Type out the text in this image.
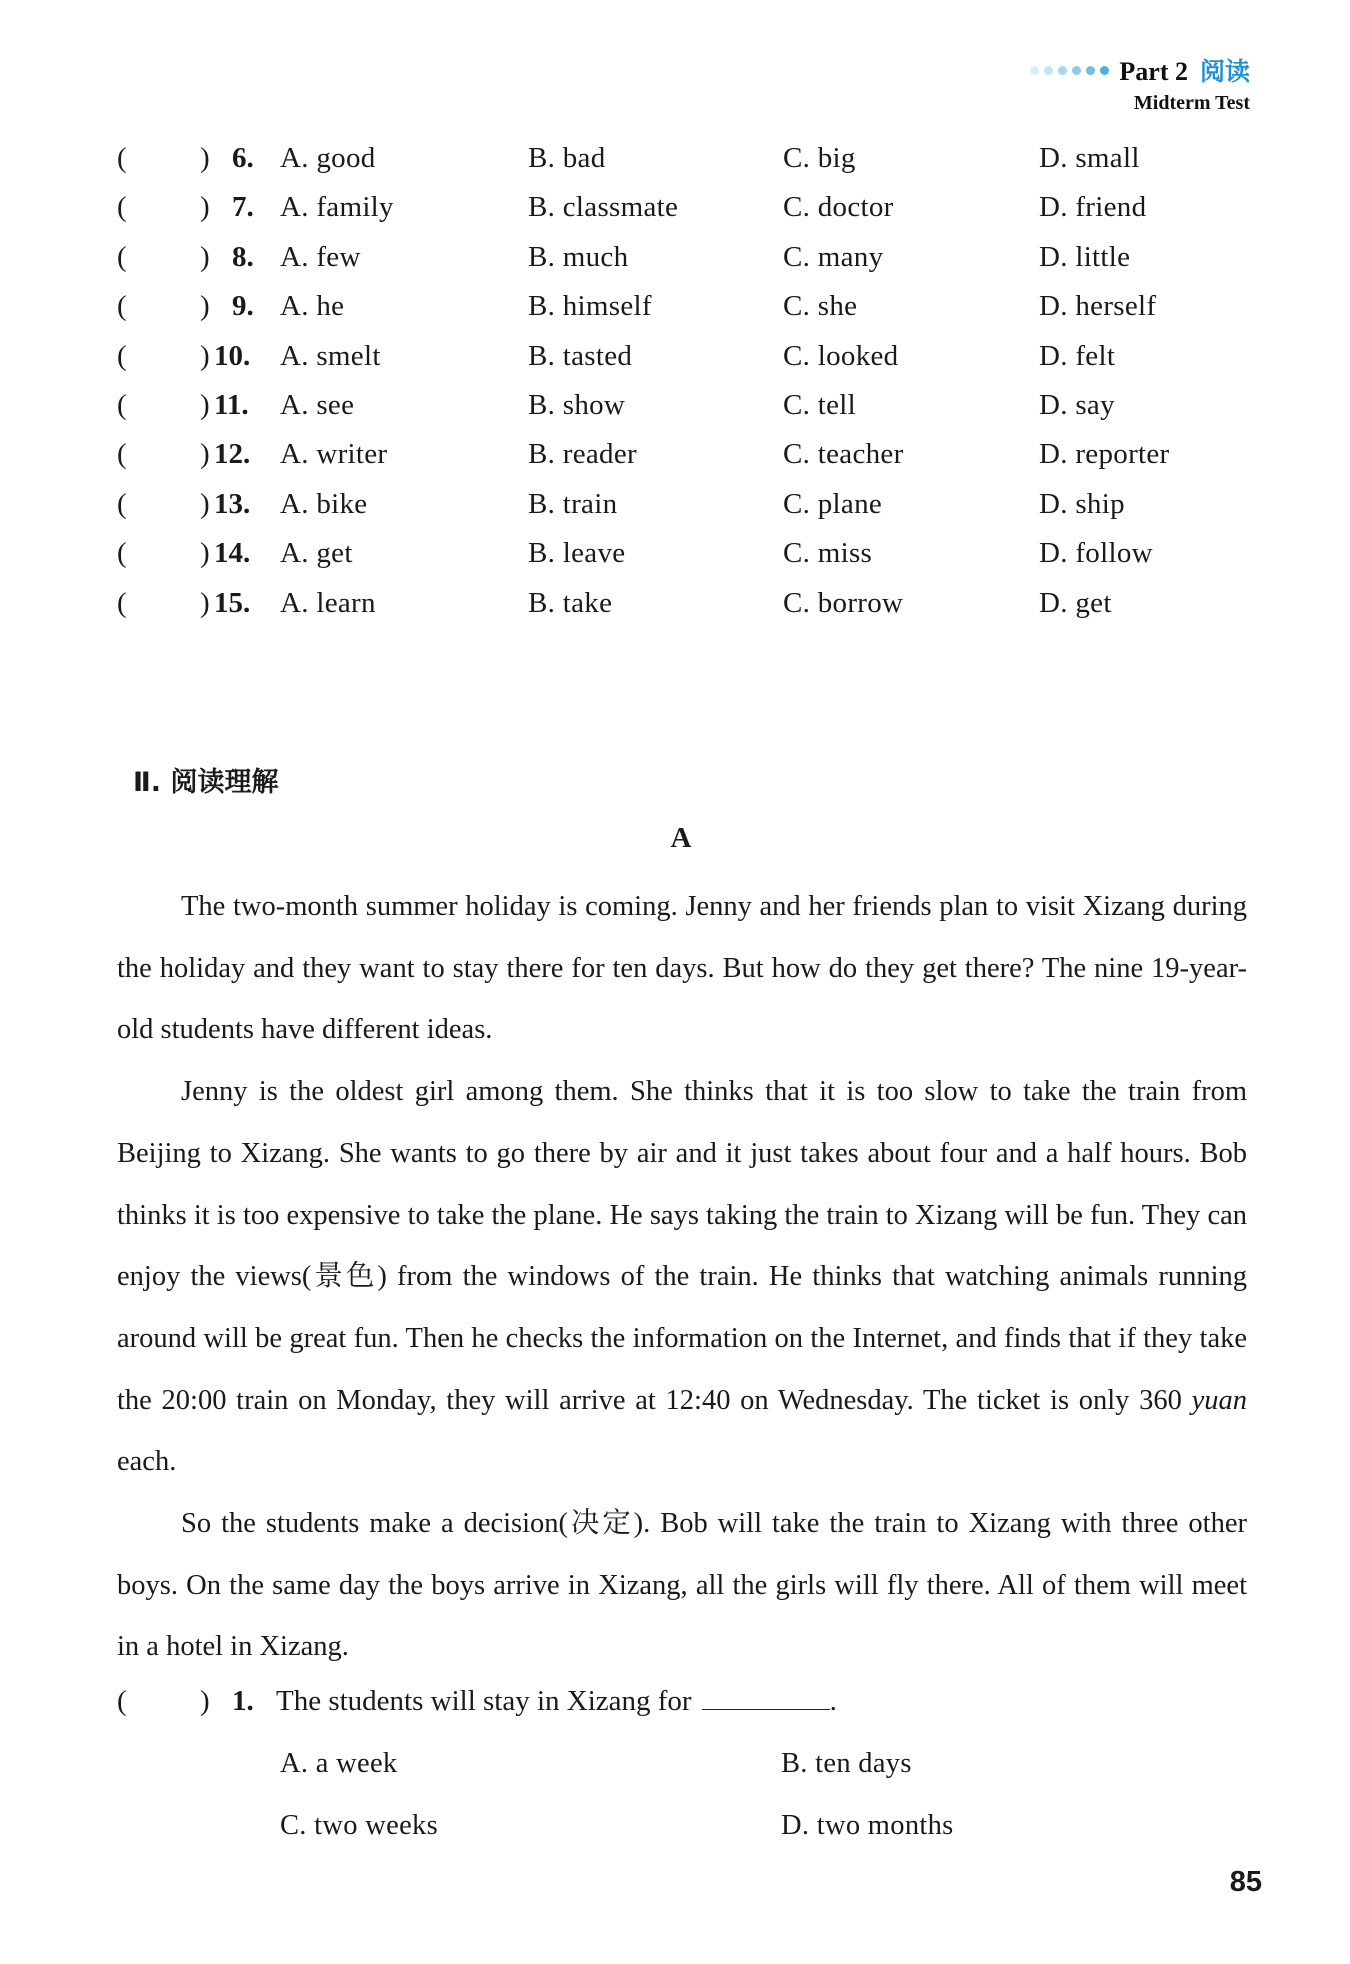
Part 2 阅读
Midterm Test
(	) 6. A. good	B. bad	C. big	D. small
(	) 7. A. family	B. classmate	C. doctor	D. friend
(	) 8. A. few	B. much	C. many	D. little
(	) 9. A. he	B. himself	C. she	D. herself
(	) 10. A. smelt	B. tasted	C. looked	D. felt
(	) 11. A. see	B. show	C. tell	D. say
(	) 12. A. writer	B. reader	C. teacher	D. reporter
(	) 13. A. bike	B. train	C. plane	D. ship
(	) 14. A. get	B. leave	C. miss	D. follow
(	) 15. A. learn	B. take	C. borrow	D. get
Ⅱ. 阅读理解
A

The two-month summer holiday is coming. Jenny and her friends plan to visit Xizang during the holiday and they want to stay there for ten days. But how do they get there? The nine 19-year-old students have different ideas.

Jenny is the oldest girl among them. She thinks that it is too slow to take the train from Beijing to Xizang. She wants to go there by air and it just takes about four and a half hours. Bob thinks it is too expensive to take the plane. He says taking the train to Xizang will be fun. They can enjoy the views(景色) from the windows of the train. He thinks that watching animals running around will be great fun. Then he checks the information on the Internet, and finds that if they take the 20:00 train on Monday, they will arrive at 12:40 on Wednesday. The ticket is only 360 yuan each.

So the students make a decision(决定). Bob will take the train to Xizang with three other boys. On the same day the boys arrive in Xizang, all the girls will fly there. All of them will meet in a hotel in Xizang.

(	) 1. The students will stay in Xizang for	.
A. a week	B. ten days
C. two weeks	D. two months
85
